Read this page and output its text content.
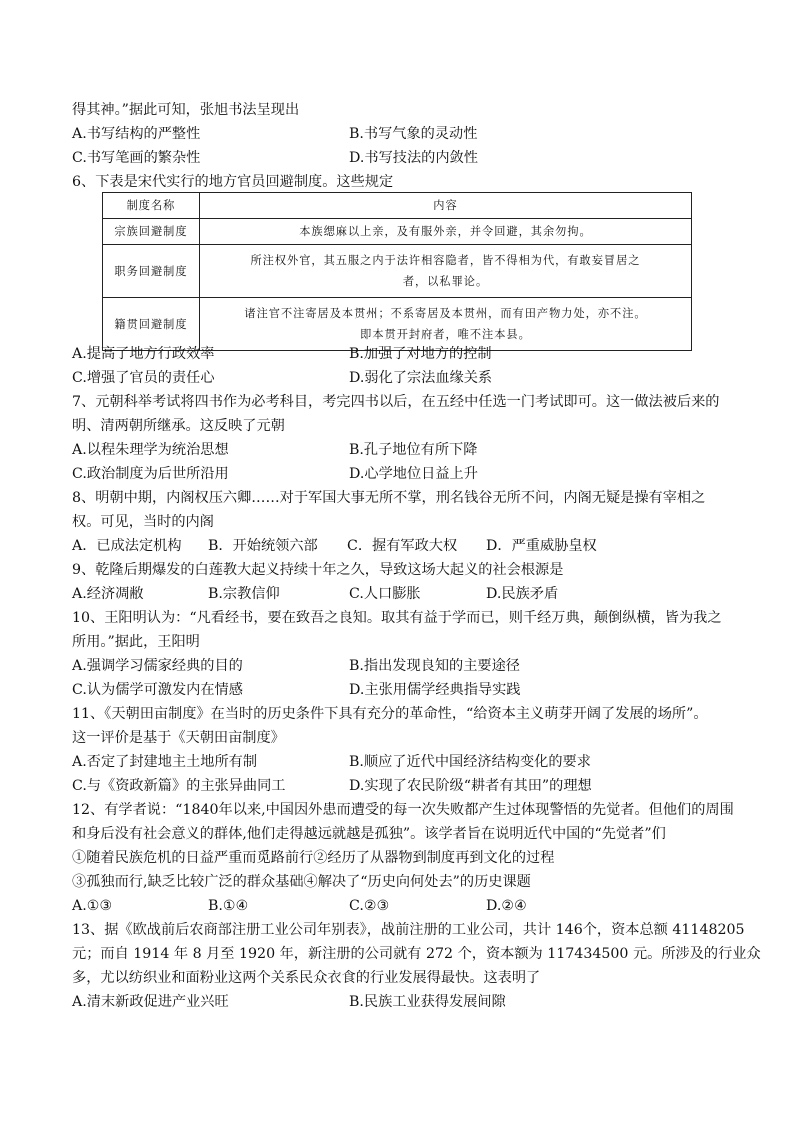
得其神。”据此可知，张旭书法呈现出
A.书写结构的严整性	B.书写气象的灵动性
C.书写笔画的繁杂性	D.书写技法的内敛性
6、下表是宋代实行的地方官员回避制度。这些规定
制度名称	内容
宗族回避制度	本族缌麻以上亲，及有服外亲，并令回避，其余勿拘。
职务回避制度	所注权外官，其五服之内于法许相容隐者，皆不得相为代，有敢妄冒居之
者，以私罪论。

籍贯回避制度	诸注官不注寄居及本贯州；不系寄居及本贯州，而有田产物力处，亦不注。
即本贯开封府者，唯不注本县。
A.提高了地方行政效率	B.加强了对地方的控制
C.增强了官员的责任心	D.弱化了宗法血缘关系
7、元朝科举考试将四书作为必考科目，考完四书以后，在五经中任选一门考试即可。这一做法被后来的
明、清两朝所继承。这反映了元朝
A.以程朱理学为统治思想	B.孔子地位有所下降
C.政治制度为后世所沿用	D.心学地位日益上升
8、明朝中期，内阁权压六卿……对于军国大事无所不掌，刑名钱谷无所不问，内阁无疑是操有宰相之
权。可见，当时的内阁
A．已成法定机构 B．开始统领六部 C．握有军政大权 D．严重威胁皇权
9、乾隆后期爆发的白莲教大起义持续十年之久，导致这场大起义的社会根源是
A.经济凋敝	B.宗教信仰	C.人口膨胀	D.民族矛盾
10、王阳明认为：“凡看经书，要在致吾之良知。取其有益于学而已，则千经万典，颠倒纵横，皆为我之
所用。”据此，王阳明
A.强调学习儒家经典的目的	B.指出发现良知的主要途径
C.认为儒学可激发内在情感	D.主张用儒学经典指导实践
11、《天朝田亩制度》在当时的历史条件下具有充分的革命性，“给资本主义萌芽开阔了发展的场所”。
这一评价是基于《天朝田亩制度》
A.否定了封建地主土地所有制	B.顺应了近代中国经济结构变化的要求
C.与《资政新篇》的主张异曲同工	D.实现了农民阶级“耕者有其田”的理想
12、有学者说：“1840年以来,中国因外患而遭受的每一次失败都产生过体现警悟的先觉者。但他们的周围
和身后没有社会意义的群体,他们走得越远就越是孤独”。该学者旨在说明近代中国的“先觉者”们
①随着民族危机的日益严重而觅路前行②经历了从器物到制度再到文化的过程
③孤独而行,缺乏比较广泛的群众基础④解决了“历史向何处去”的历史课题
A.①③	B.①④	C.②③	D.②④
13、据《欧战前后农商部注册工业公司年别表》，战前注册的工业公司，共计 146个，资本总额 41148205
元；而自 1914 年 8 月至 1920 年，新注册的公司就有 272 个，资本额为 117434500 元。所涉及的行业众
多，尤以纺织业和面粉业这两个关系民众衣食的行业发展得最快。这表明了
A.清末新政促进产业兴旺	B.民族工业获得发展间隙
